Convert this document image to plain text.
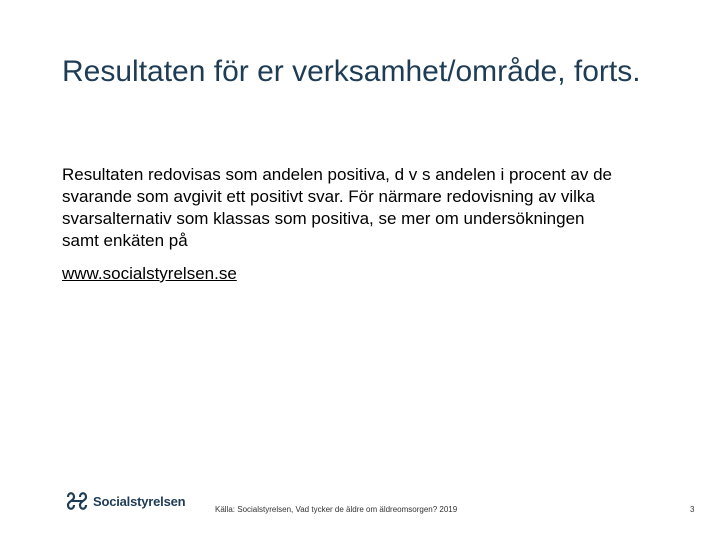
Resultaten för er verksamhet/område, forts.

Resultaten redovisas som andelen positiva, d v s andelen i procent av de svarande som avgivit ett positivt svar. För närmare redovisning av vilka svarsalternativ som klassas som positiva, se mer om undersökningen samt enkäten på

www.socialstyrelsen.se
Socialstyrelsen
Källa: Socialstyrelsen, Vad tycker de äldre om äldreomsorgen? 2019	3
